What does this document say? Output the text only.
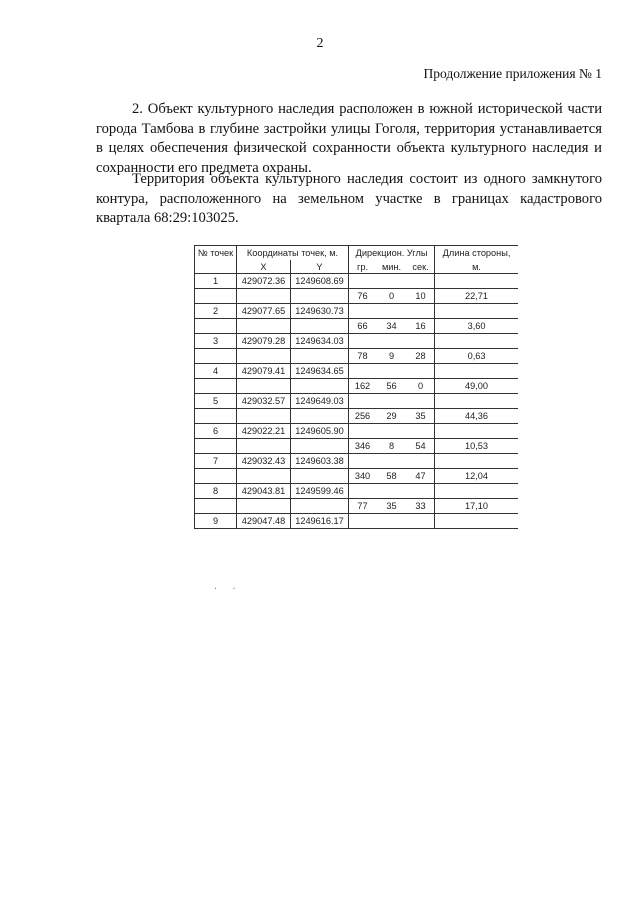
2
Продолжение приложения № 1

2. Объект культурного наследия расположен в южной исторической части города Тамбова в глубине застройки улицы Гоголя, территория устанавливается в целях обеспечения физической сохранности объекта культурного наследия и сохранности его предмета охраны.

Территория объекта культурного наследия состоит из одного замкнутого контура, расположенного на земельном участке в границах кадастрового квартала 68:29:103025.

№ точек	Координаты точек, м.		Дирекцион. Углы			Длина стороны,
	X	Y	гр.	мин.	сек.	м.
1	429072.36	1249608.69				
			76	0	10	22,71
2	429077.65	1249630.73				
			66	34	16	3,60
3	429079.28	1249634.03				
			78	9	28	0,63
4	429079.41	1249634.65				
			162	56	0	49,00
5	429032.57	1249649.03				
			256	29	35	44,36
6	429022.21	1249605.90				
			346	8	54	10,53
7	429032.43	1249603.38				
			340	58	47	12,04
8	429043.81	1249599.46				
			77	35	33	17,10
9	429047.48	1249616.17				
· ·
